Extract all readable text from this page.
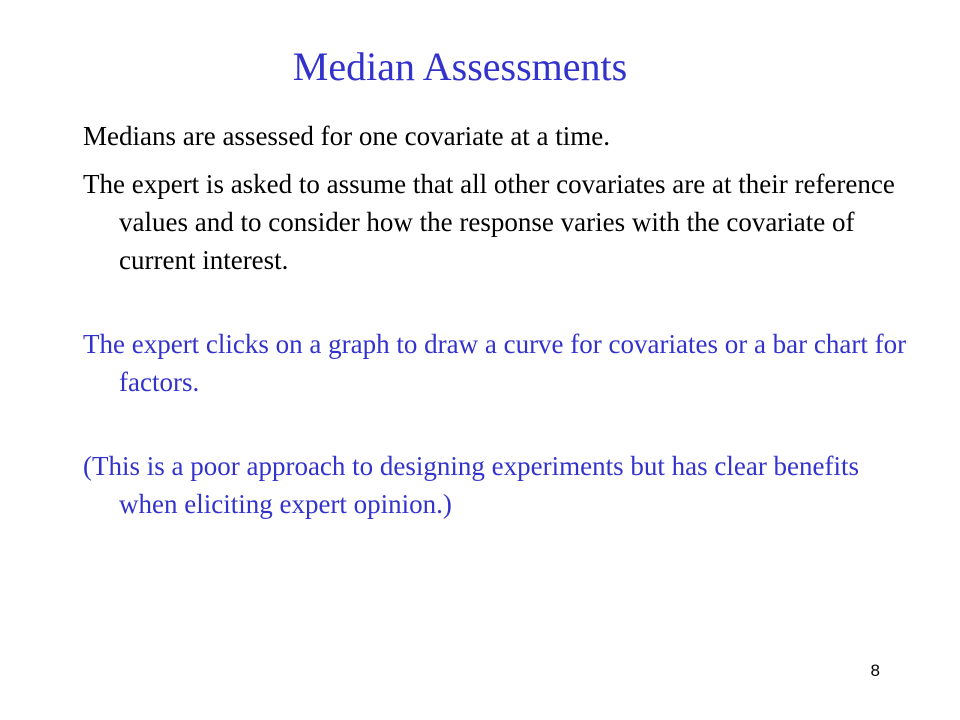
Median Assessments

Medians are assessed for one covariate at a time.

The expert is asked to assume that all other covariates are at their reference values and to consider how the response varies with the covariate of current interest.

The expert clicks on a graph to draw a curve for covariates or a bar chart for factors.

(This is a poor approach to designing experiments but has clear benefits when eliciting expert opinion.)

8
